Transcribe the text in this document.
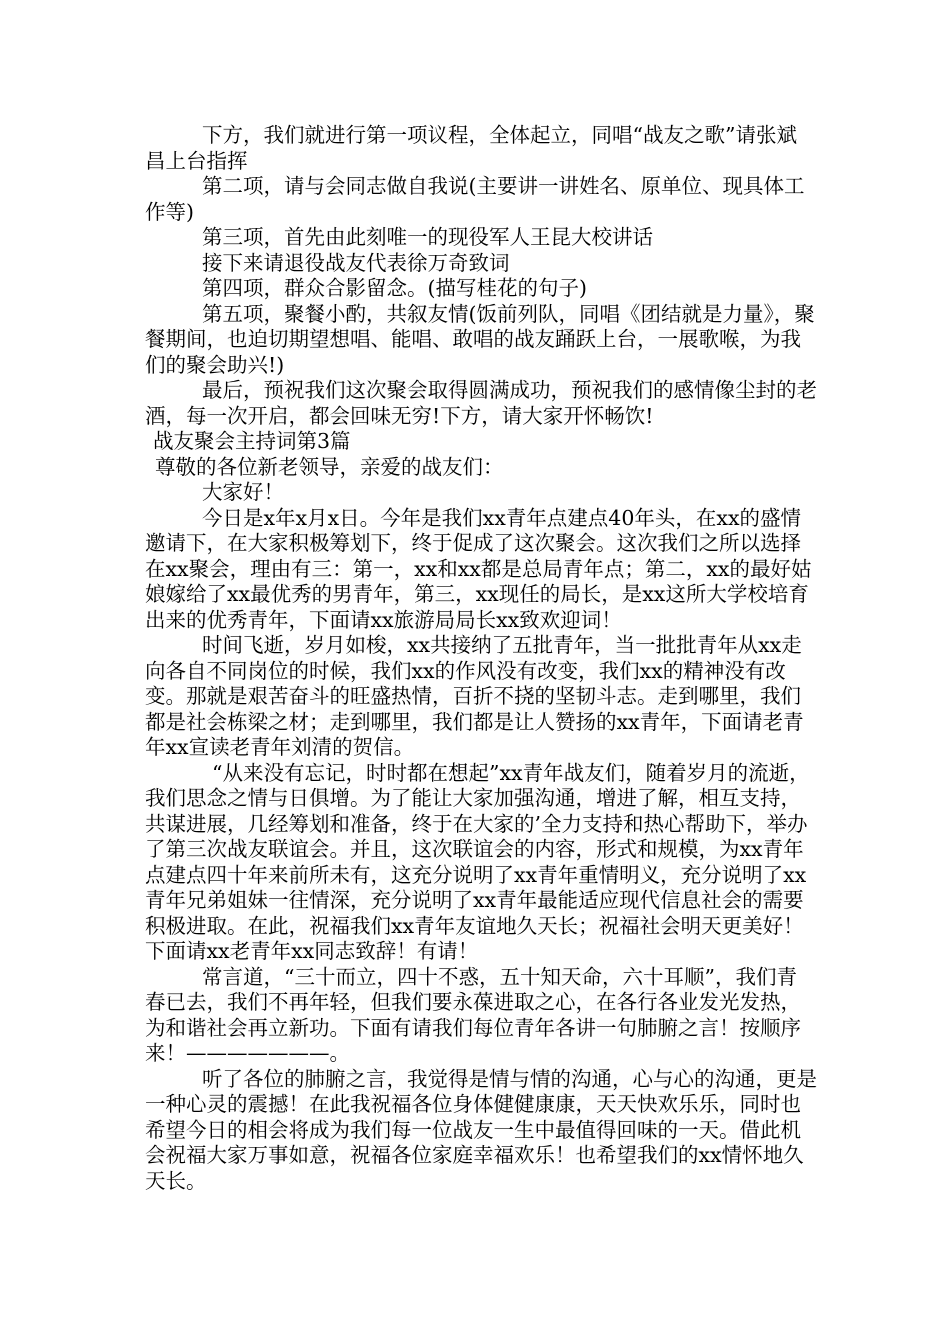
下方，我们就进行第一项议程，全体起立，同唱“战友之歌”请张斌昌上台指挥

第二项，请与会同志做自我说(主要讲一讲姓名、原单位、现具体工作等)

第三项，首先由此刻唯一的现役军人王昆大校讲话

接下来请退役战友代表徐万奇致词

第四项，群众合影留念。(描写桂花的句子)

第五项，聚餐小酌，共叙友情(饭前列队，同唱《团结就是力量》，聚餐期间，也迫切期望想唱、能唱、敢唱的战友踊跃上台，一展歌喉，为我们的聚会助兴!)

最后，预祝我们这次聚会取得圆满成功，预祝我们的感情像尘封的老酒，每一次开启，都会回味无穷!下方，请大家开怀畅饮!

战友聚会主持词第3篇

尊敬的各位新老领导，亲爱的战友们：

大家好！

今日是x年x月x日。今年是我们xx青年点建点40年头，在xx的盛情邀请下，在大家积极筹划下，终于促成了这次聚会。这次我们之所以选择在xx聚会，理由有三：第一，xx和xx都是总局青年点；第二，xx的最好姑娘嫁给了xx最优秀的男青年，第三，xx现任的局长，是xx这所大学校培育出来的优秀青年，下面请xx旅游局局长xx致欢迎词！

时间飞逝，岁月如梭，xx共接纳了五批青年，当一批批青年从xx走向各自不同岗位的时候，我们xx的作风没有改变，我们xx的精神没有改变。那就是艰苦奋斗的旺盛热情，百折不挠的坚韧斗志。走到哪里，我们都是社会栋梁之材；走到哪里，我们都是让人赞扬的xx青年，下面请老青年xx宣读老青年刘清的贺信。

“从来没有忘记，时时都在想起”xx青年战友们，随着岁月的流逝，我们思念之情与日俱增。为了能让大家加强沟通，增进了解，相互支持，共谋进展，几经筹划和准备，终于在大家的’全力支持和热心帮助下，举办了第三次战友联谊会。并且，这次联谊会的内容，形式和规模，为xx青年点建点四十年来前所未有，这充分说明了xx青年重情明义，充分说明了xx青年兄弟姐妹一往情深，充分说明了xx青年最能适应现代信息社会的需要积极进取。在此，祝福我们xx青年友谊地久天长；祝福社会明天更美好！下面请xx老青年xx同志致辞！有请！

常言道，“三十而立，四十不惑，五十知天命，六十耳顺”，我们青春已去，我们不再年轻，但我们要永葆进取之心，在各行各业发光发热，为和谐社会再立新功。下面有请我们每位青年各讲一句肺腑之言！按顺序来！———————。

听了各位的肺腑之言，我觉得是情与情的沟通，心与心的沟通，更是一种心灵的震撼！在此我祝福各位身体健健康康，天天快欢乐乐，同时也希望今日的相会将成为我们每一位战友一生中最值得回味的一天。借此机会祝福大家万事如意，祝福各位家庭幸福欢乐！也希望我们的xx情怀地久天长。
